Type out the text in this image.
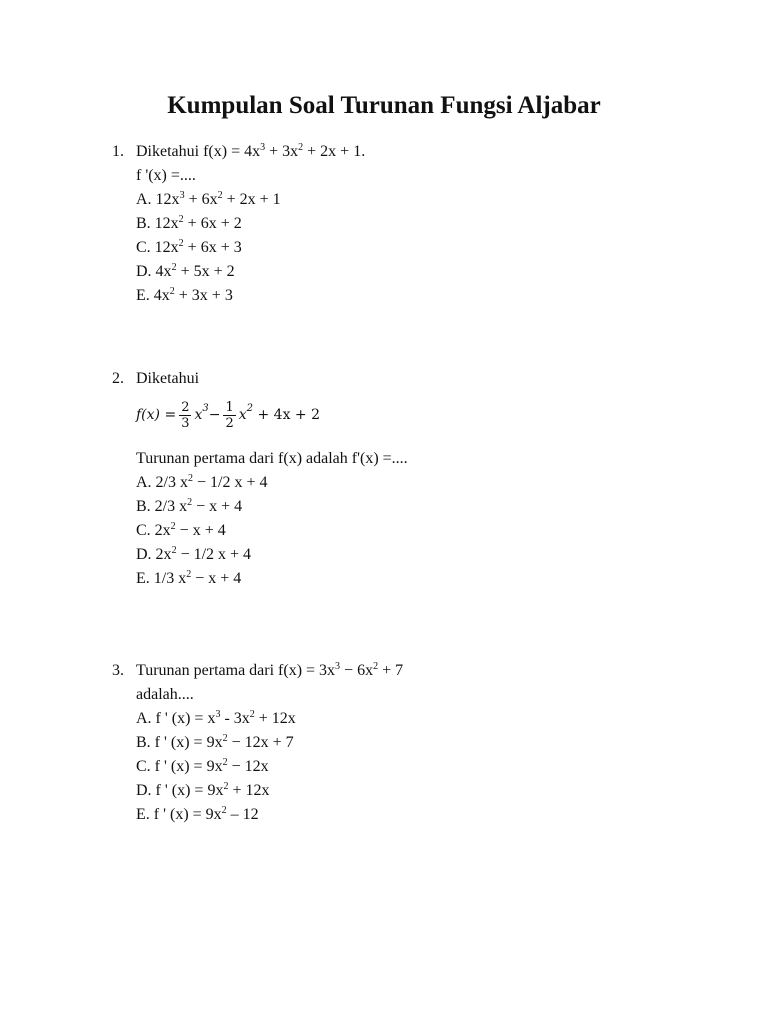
Kumpulan Soal Turunan Fungsi Aljabar
1. Diketahui $f(x) = 4x^3 + 3x^2 + 2x + 1$.
f '(x) =....
A. $12x^3 + 6x^2 + 2x + 1$
B. $12x^2 + 6x + 2$
C. $12x^2 + 6x + 3$
D. $4x^2 + 5x + 2$
E. $4x^2 + 3x + 3$
2. Diketahui
$f(x) = \frac{2}{3} x^3 - \frac{1}{2} x^2 + 4x + 2$
Turunan pertama dari f(x) adalah f'(x) =....
A. 2/3 $x^2 - 1/2$ x + 4
B. 2/3 $x^2 - x + 4$
C. $2x^2 - x + 4$
D. $2x^2 - 1/2$ x + 4
E. 1/3 $x^2 - x + 4$
3. Turunan pertama dari $f(x) = 3x^3 - 6x^2 + 7$
adalah....
A. f ' $(x) = x^3 - 3x^2 + 12x$
B. f ' $(x) = 9x^2 - 12x + 7$
C. f ' $(x) = 9x^2 - 12x$
D. f ' $(x) = 9x^2 + 12x$
E. f ' $(x) = 9x^2 - 12$
